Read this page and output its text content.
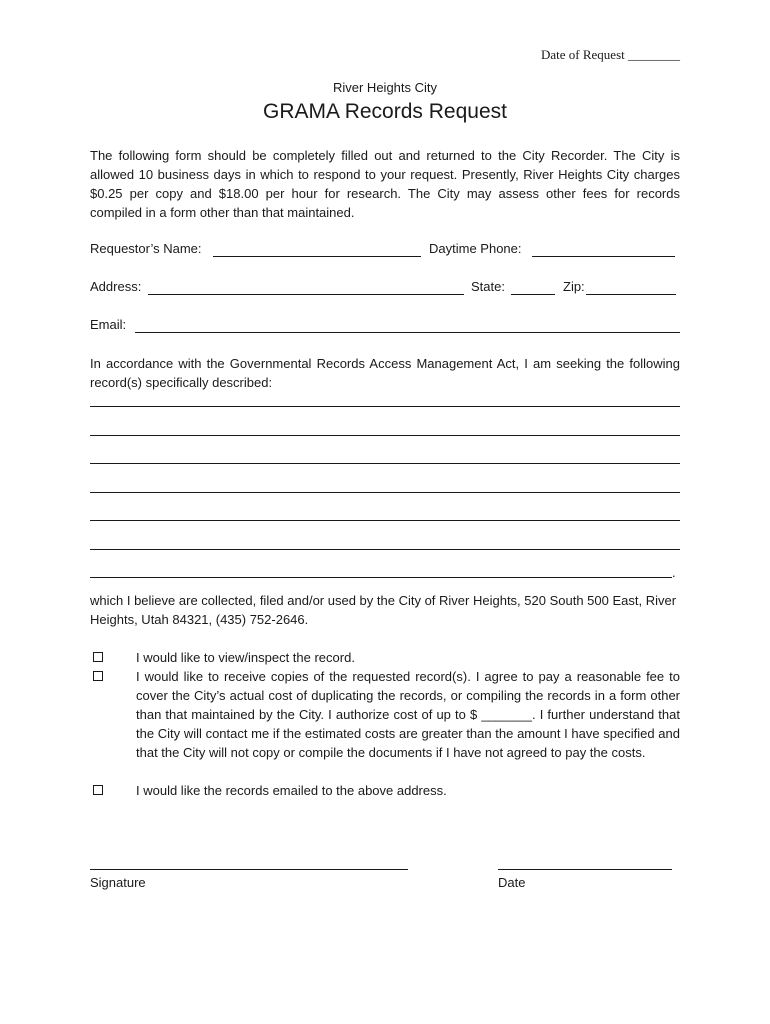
Date of Request ________
River Heights City
GRAMA Records Request

The following form should be completely filled out and returned to the City Recorder. The City is allowed 10 business days in which to respond to your request. Presently, River Heights City charges $0.25 per copy and $18.00 per hour for research. The City may assess other fees for records compiled in a form other than that maintained.

Requestor’s Name:	Daytime Phone:
Address:	State:	Zip:
Email:

In accordance with the Governmental Records Access Management Act, I am seeking the following record(s) specifically described:

.

which I believe are collected, filed and/or used by the City of River Heights, 520 South 500 East, River Heights, Utah 84321, (435) 752-2646.

I would like to view/inspect the record.

I would like to receive copies of the requested record(s). I agree to pay a reasonable fee to cover the City’s actual cost of duplicating the records, or compiling the records in a form other than that maintained by the City. I authorize cost of up to $ _______. I further understand that the City will contact me if the estimated costs are greater than the amount I have specified and that the City will not copy or compile the documents if I have not agreed to pay the costs.

I would like the records emailed to the above address.

Signature	Date
